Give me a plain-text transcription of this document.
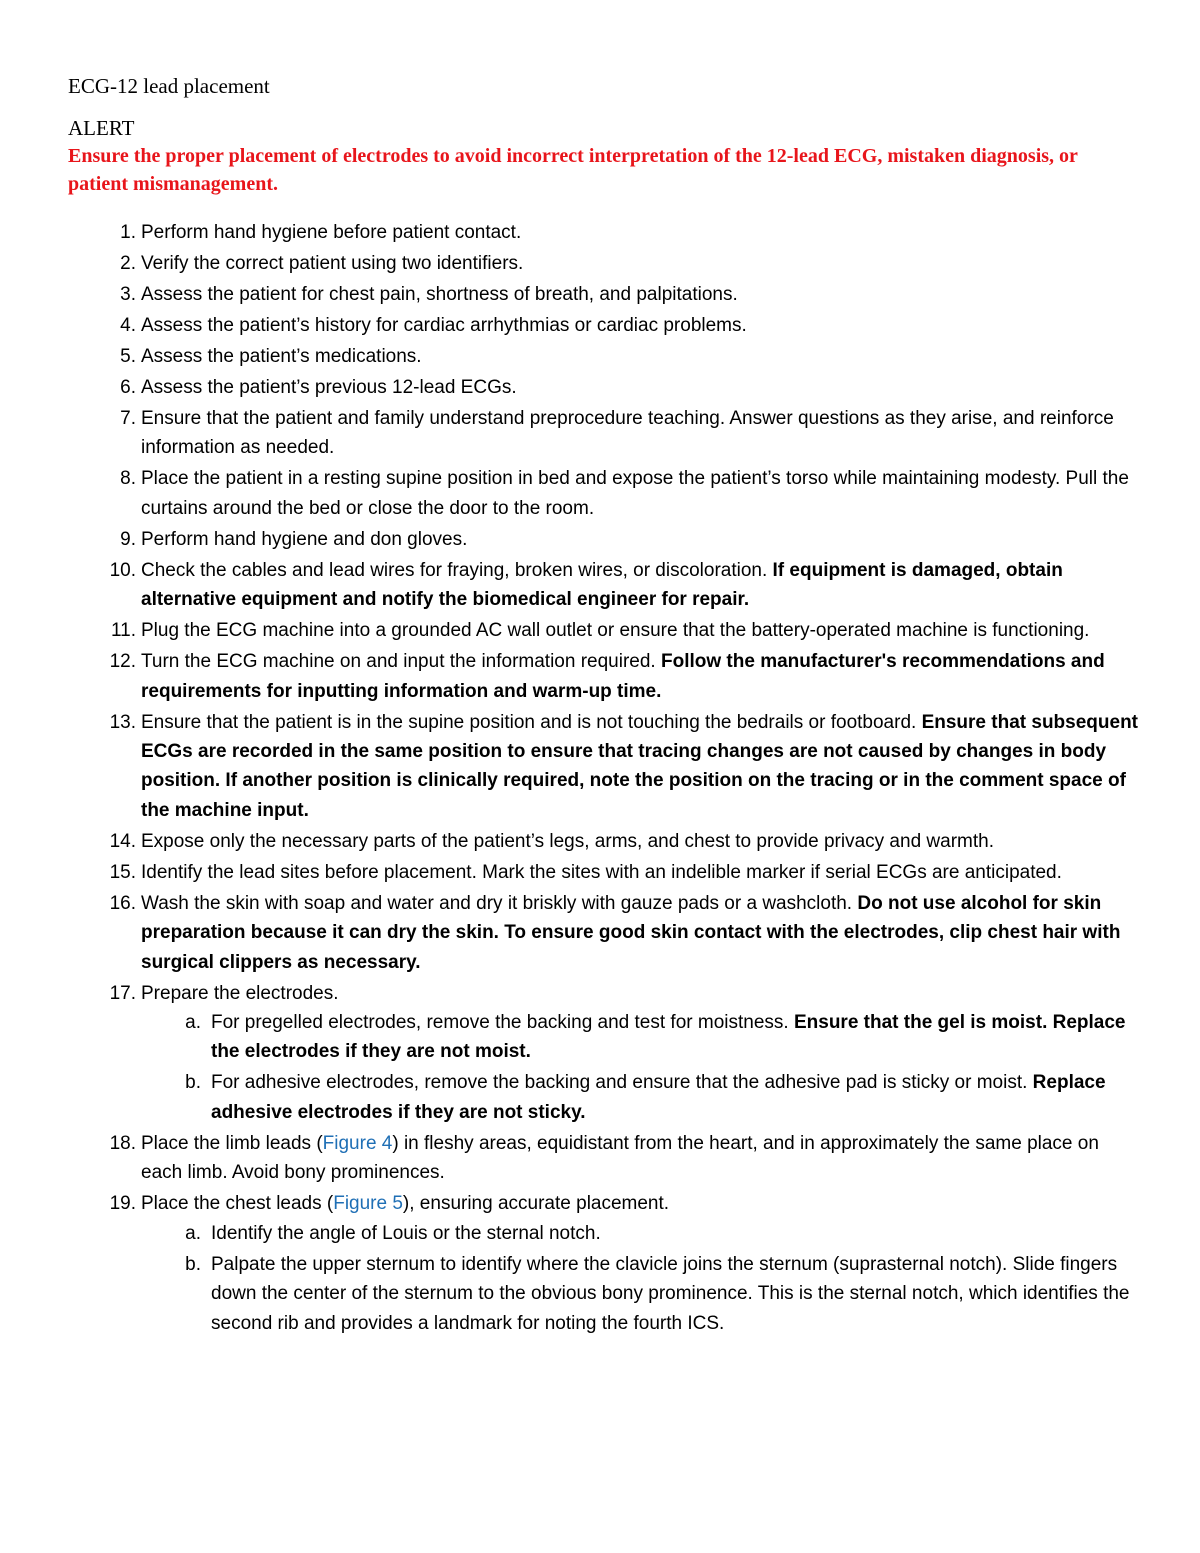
ECG-12 lead placement
ALERT
Ensure the proper placement of electrodes to avoid incorrect interpretation of the 12-lead ECG, mistaken diagnosis, or patient mismanagement.
1. Perform hand hygiene before patient contact.
2. Verify the correct patient using two identifiers.
3. Assess the patient for chest pain, shortness of breath, and palpitations.
4. Assess the patient’s history for cardiac arrhythmias or cardiac problems.
5. Assess the patient’s medications.
6. Assess the patient’s previous 12-lead ECGs.
7. Ensure that the patient and family understand preprocedure teaching. Answer questions as they arise, and reinforce information as needed.
8. Place the patient in a resting supine position in bed and expose the patient’s torso while maintaining modesty. Pull the curtains around the bed or close the door to the room.
9. Perform hand hygiene and don gloves.
10. Check the cables and lead wires for fraying, broken wires, or discoloration. If equipment is damaged, obtain alternative equipment and notify the biomedical engineer for repair.
11. Plug the ECG machine into a grounded AC wall outlet or ensure that the battery-operated machine is functioning.
12. Turn the ECG machine on and input the information required. Follow the manufacturer's recommendations and requirements for inputting information and warm-up time.
13. Ensure that the patient is in the supine position and is not touching the bedrails or footboard. Ensure that subsequent ECGs are recorded in the same position to ensure that tracing changes are not caused by changes in body position. If another position is clinically required, note the position on the tracing or in the comment space of the machine input.
14. Expose only the necessary parts of the patient’s legs, arms, and chest to provide privacy and warmth.
15. Identify the lead sites before placement. Mark the sites with an indelible marker if serial ECGs are anticipated.
16. Wash the skin with soap and water and dry it briskly with gauze pads or a washcloth. Do not use alcohol for skin preparation because it can dry the skin. To ensure good skin contact with the electrodes, clip chest hair with surgical clippers as necessary.
17. Prepare the electrodes.
a. For pregelled electrodes, remove the backing and test for moistness. Ensure that the gel is moist. Replace the electrodes if they are not moist.
b. For adhesive electrodes, remove the backing and ensure that the adhesive pad is sticky or moist. Replace adhesive electrodes if they are not sticky.
18. Place the limb leads (Figure 4) in fleshy areas, equidistant from the heart, and in approximately the same place on each limb. Avoid bony prominences.
19. Place the chest leads (Figure 5), ensuring accurate placement.
a. Identify the angle of Louis or the sternal notch.
b. Palpate the upper sternum to identify where the clavicle joins the sternum (suprasternal notch). Slide fingers down the center of the sternum to the obvious bony prominence. This is the sternal notch, which identifies the second rib and provides a landmark for noting the fourth ICS.
